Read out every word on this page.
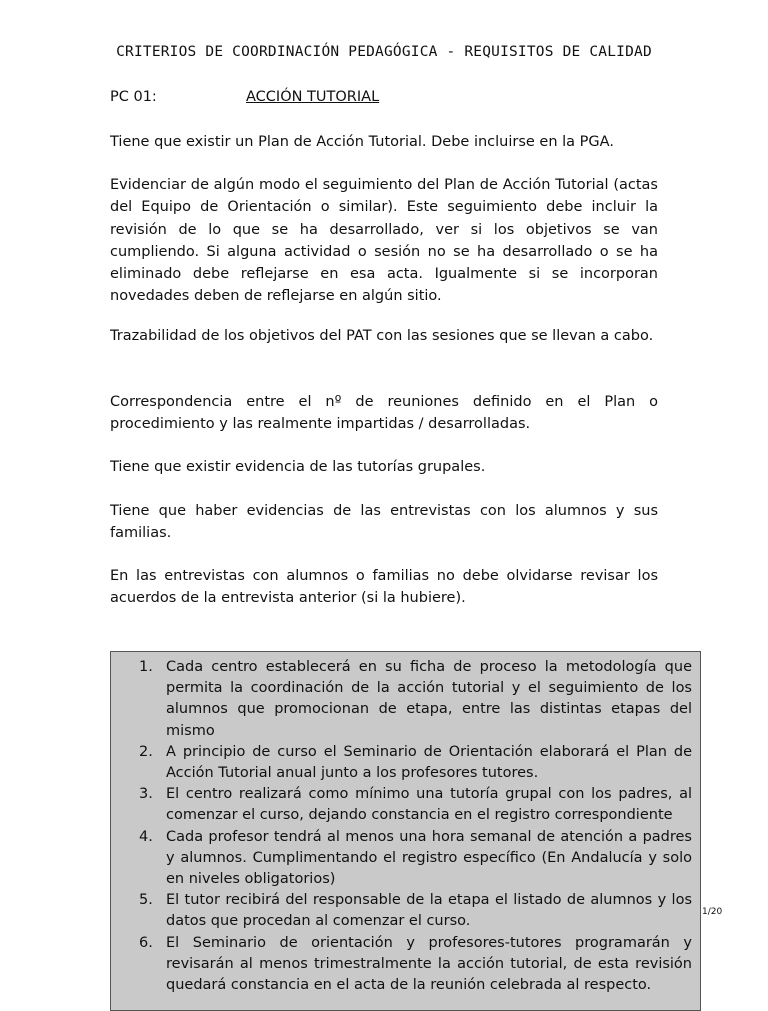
CRITERIOS DE COORDINACIÓN PEDAGÓGICA - REQUISITOS DE CALIDAD
PC 01:	ACCIÓN TUTORIAL

Tiene que existir un Plan de Acción Tutorial. Debe incluirse en la PGA.

Evidenciar de algún modo el seguimiento del Plan de Acción Tutorial (actas del Equipo de Orientación o similar). Este seguimiento debe incluir la revisión de lo que se ha desarrollado, ver si los objetivos se van cumpliendo. Si alguna actividad o sesión no se ha desarrollado o se ha eliminado debe reflejarse en esa acta. Igualmente si se incorporan novedades deben de reflejarse en algún sitio.

Trazabilidad de los objetivos del PAT con las sesiones que se llevan a cabo.

Correspondencia entre el nº de reuniones definido en el Plan o procedimiento y las realmente impartidas / desarrolladas.

Tiene que existir evidencia de las tutorías grupales.

Tiene que haber evidencias de las entrevistas con los alumnos y sus familias.

En las entrevistas con alumnos o familias no debe olvidarse revisar los acuerdos de la entrevista anterior (si la hubiere).

1. Cada centro establecerá en su ficha de proceso la metodología que permita la coordinación de la acción tutorial y el seguimiento de los alumnos que promocionan de etapa, entre las distintas etapas del mismo
2. A principio de curso el Seminario de Orientación elaborará el Plan de Acción Tutorial anual junto a los profesores tutores.
3. El centro realizará como mínimo una tutoría grupal con los padres, al comenzar el curso, dejando constancia en el registro correspondiente
4. Cada profesor tendrá al menos una hora semanal de atención a padres y alumnos. Cumplimentando el registro específico (En Andalucía y solo en niveles obligatorios)
5. El tutor recibirá del responsable de la etapa el listado de alumnos y los datos que procedan al comenzar el curso.
6. El Seminario de orientación y profesores-tutores programarán y revisarán al menos trimestralmente la acción tutorial, de esta revisión quedará constancia en el acta de la reunión celebrada al respecto.
1/20
